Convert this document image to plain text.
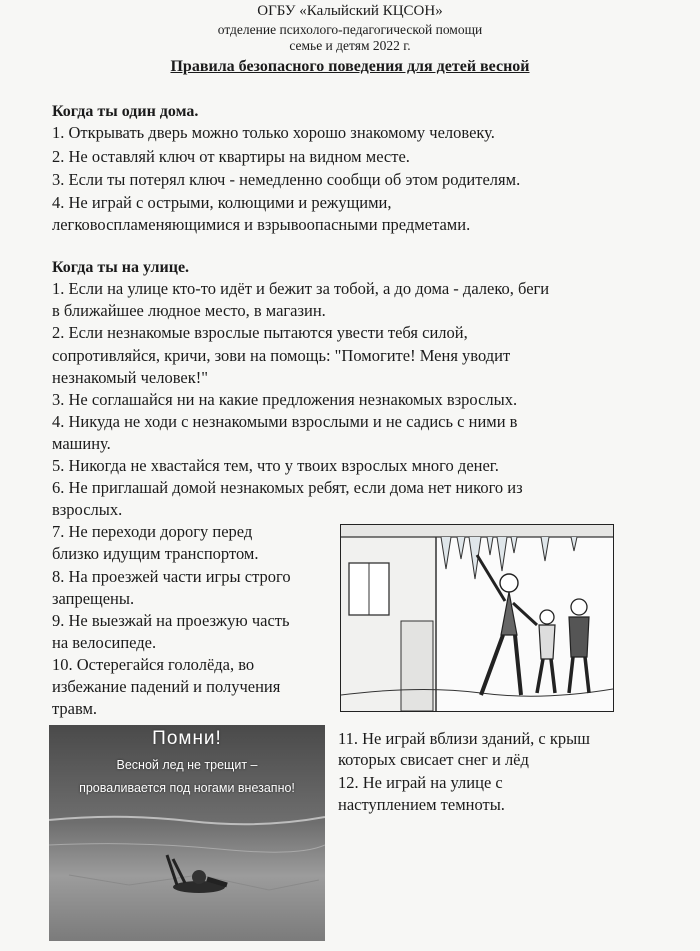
ОГБУ «Калыйский КЦСОН»
отделение психолого-педагогической помощи
семье и детям 2022 г.
Правила безопасного поведения для детей весной
Когда ты один дома.
1. Открывать дверь можно только хорошо знакомому человеку.
2. Не оставляй ключ от квартиры на видном месте.
3. Если ты потерял ключ - немедленно сообщи об этом родителям.
4. Не играй с острыми, колющими и режущими,
легковоспламеняющимися и взрывоопасными предметами.
Когда ты на улице.
1. Если на улице кто-то идёт и бежит за тобой, а до дома - далеко, беги
в ближайшее людное место, в магазин.
2. Если незнакомые взрослые пытаются увести тебя силой,
сопротивляйся, кричи, зови на помощь: "Помогите! Меня уводит
незнакомый человек!"
3. Не соглашайся ни на какие предложения незнакомых взрослых.
4. Никуда не ходи с незнакомыми взрослыми и не садись с ними в
машину.
5. Никогда не хвастайся тем, что у твоих взрослых много денег.
6. Не приглашай домой незнакомых ребят, если дома нет никого из
взрослых.
7. Не переходи дорогу перед
близко идущим транспортом.
8. На проезжей части игры строго
запрещены.
9. Не выезжай на проезжую часть
на велосипеде.
10. Остерегайся гололёда, во
избежание падений и получения
травм.
11. Не играй вблизи зданий, с крыш
которых свисает снег и лёд
12. Не играй на улице с
наступлением темноты.
Помни!
Весной лед не трещит –
проваливается под ногами внезапно!
